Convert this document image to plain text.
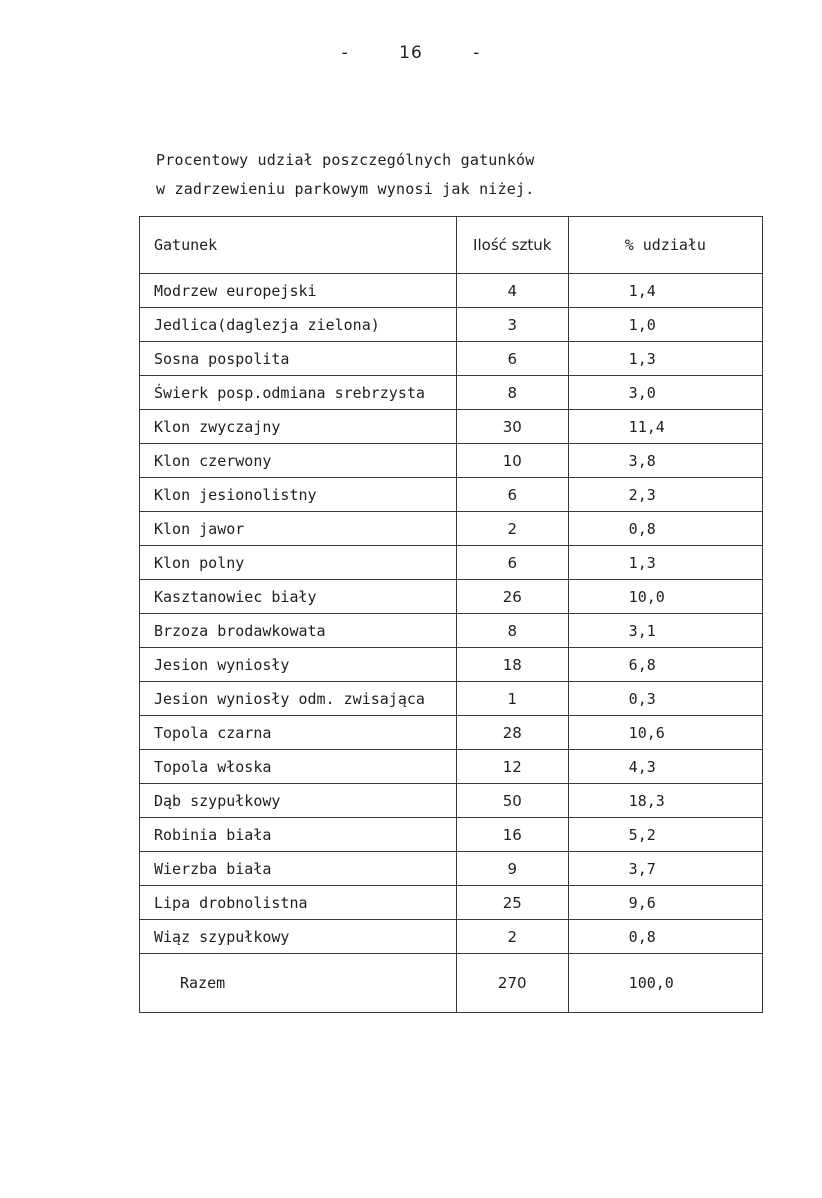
-	16	-
Procentowy udział poszczególnych gatunków
w zadrzewieniu parkowym wynosi jak niżej.
Gatunek	Ilość sztuk	% udziału
Modrzew europejski	4	1,4
Jedlica(daglezja zielona)	3	1,0
Sosna pospolita	6	1,3
Świerk posp.odmiana srebrzysta	8	3,0
Klon zwyczajny	30	11,4
Klon czerwony	10	3,8
Klon jesionolistny	6	2,3
Klon jawor	2	0,8
Klon polny	6	1,3
Kasztanowiec biały	26	10,0
Brzoza brodawkowata	8	3,1
Jesion wyniosły	18	6,8
Jesion wyniosły odm. zwisająca	1	0,3
Topola czarna	28	10,6
Topola włoska	12	4,3
Dąb szypułkowy	50	18,3
Robinia biała	16	5,2
Wierzba biała	9	3,7
Lipa drobnolistna	25	9,6
Wiąz szypułkowy	2	0,8
Razem	270	100,0
